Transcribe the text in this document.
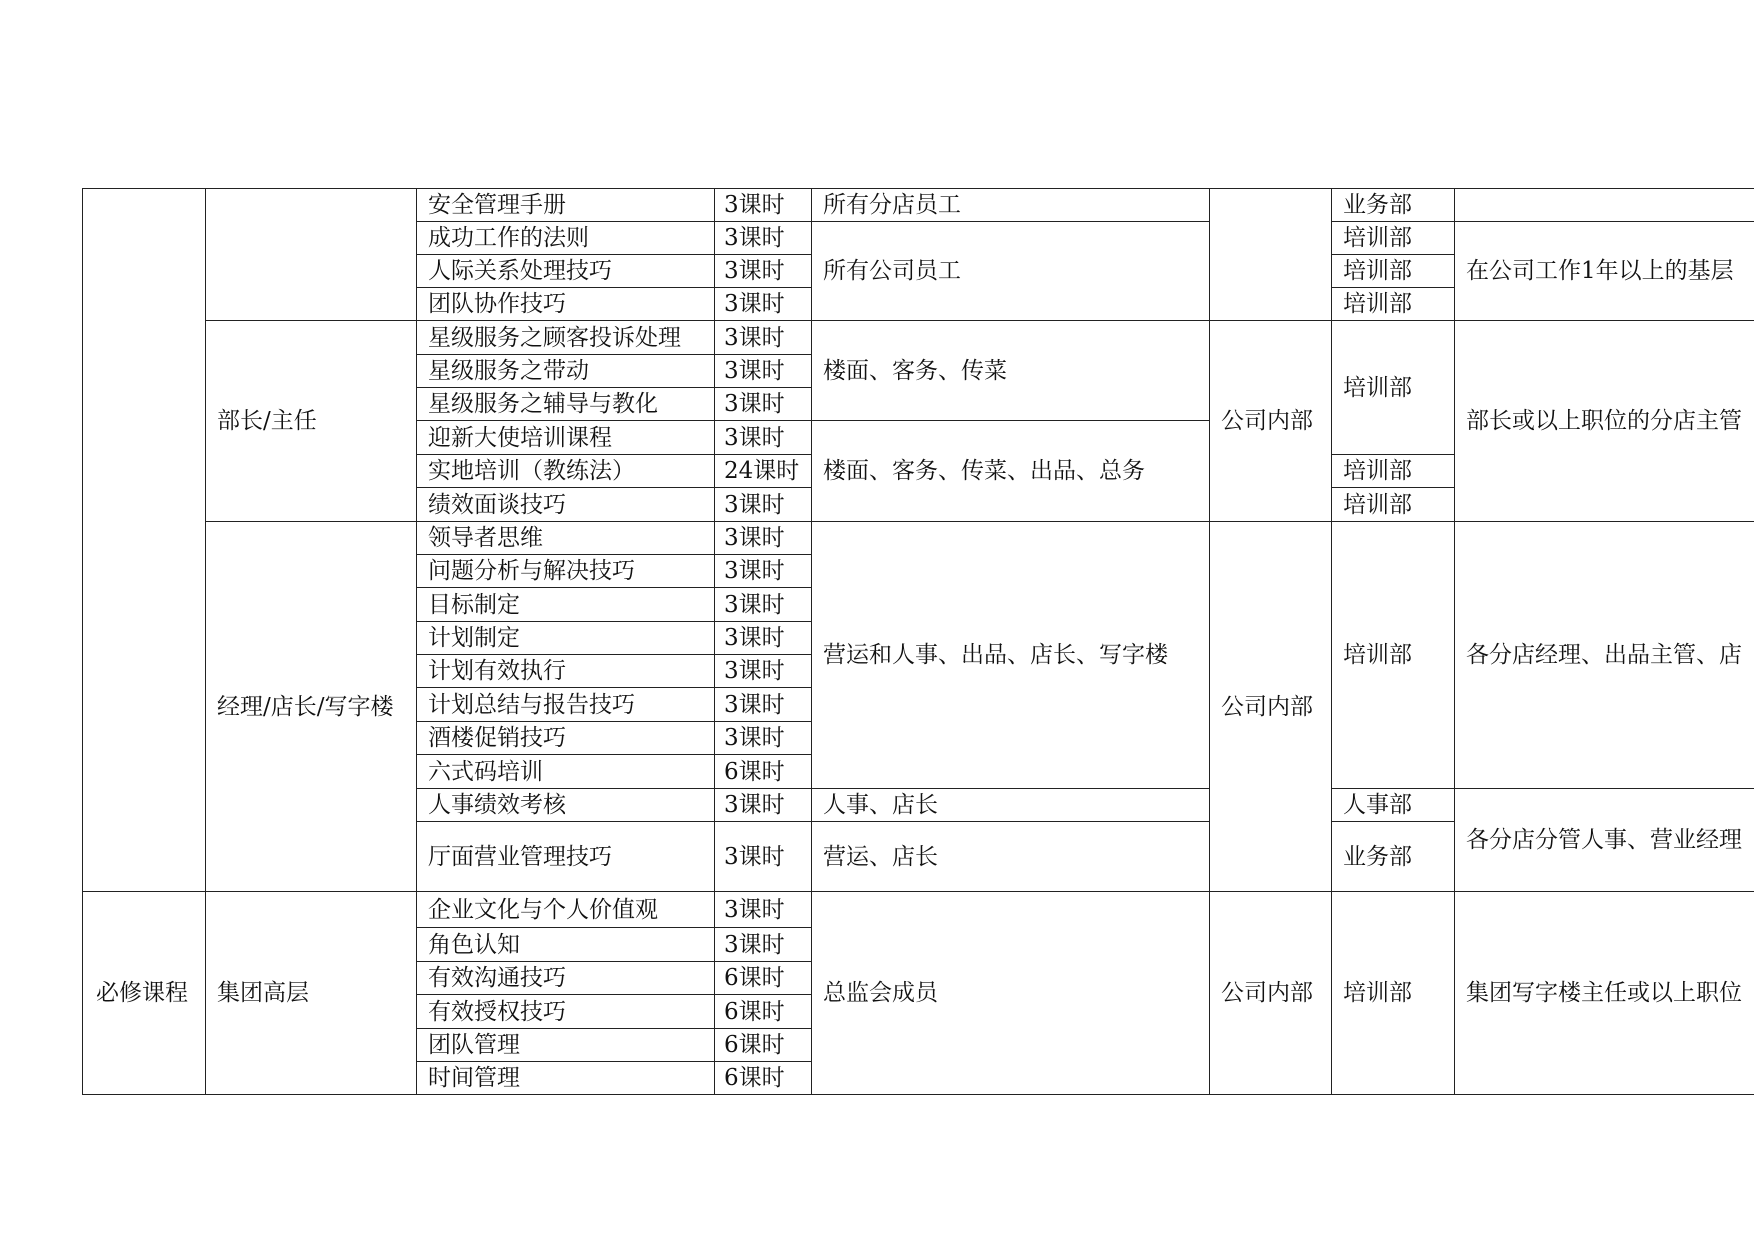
		安全管理手册	3课时	所有分店员工		业务部	
		成功工作的法则	3课时	所有公司员工		培训部	在公司工作1年以上的基层
		人际关系处理技巧	3课时			培训部	
		团队协作技巧	3课时			培训部	
	部长/主任	星级服务之顾客投诉处理	3课时	楼面、客务、传菜	公司内部	培训部	部长或以上职位的分店主管
		星级服务之带动	3课时				
		星级服务之辅导与教化	3课时				
		迎新大使培训课程	3课时	楼面、客务、传菜、出品、总务			
		实地培训（教练法）	24课时			培训部	
		绩效面谈技巧	3课时			培训部	
	经理/店长/写字楼	领导者思维	3课时	营运和人事、出品、店长、写字楼	公司内部	培训部	各分店经理、出品主管、店
		问题分析与解决技巧	3课时				
		目标制定	3课时				
		计划制定	3课时				
		计划有效执行	3课时				
		计划总结与报告技巧	3课时				
		酒楼促销技巧	3课时				
		六式码培训	6课时				
		人事绩效考核	3课时	人事、店长		人事部	各分店分管人事、营业经理
		厅面营业管理技巧	3课时	营运、店长		业务部	
必修课程	集团高层	企业文化与个人价值观	3课时	总监会成员	公司内部	培训部	集团写字楼主任或以上职位
		角色认知	3课时				
		有效沟通技巧	6课时				
		有效授权技巧	6课时				
		团队管理	6课时				
		时间管理	6课时				
